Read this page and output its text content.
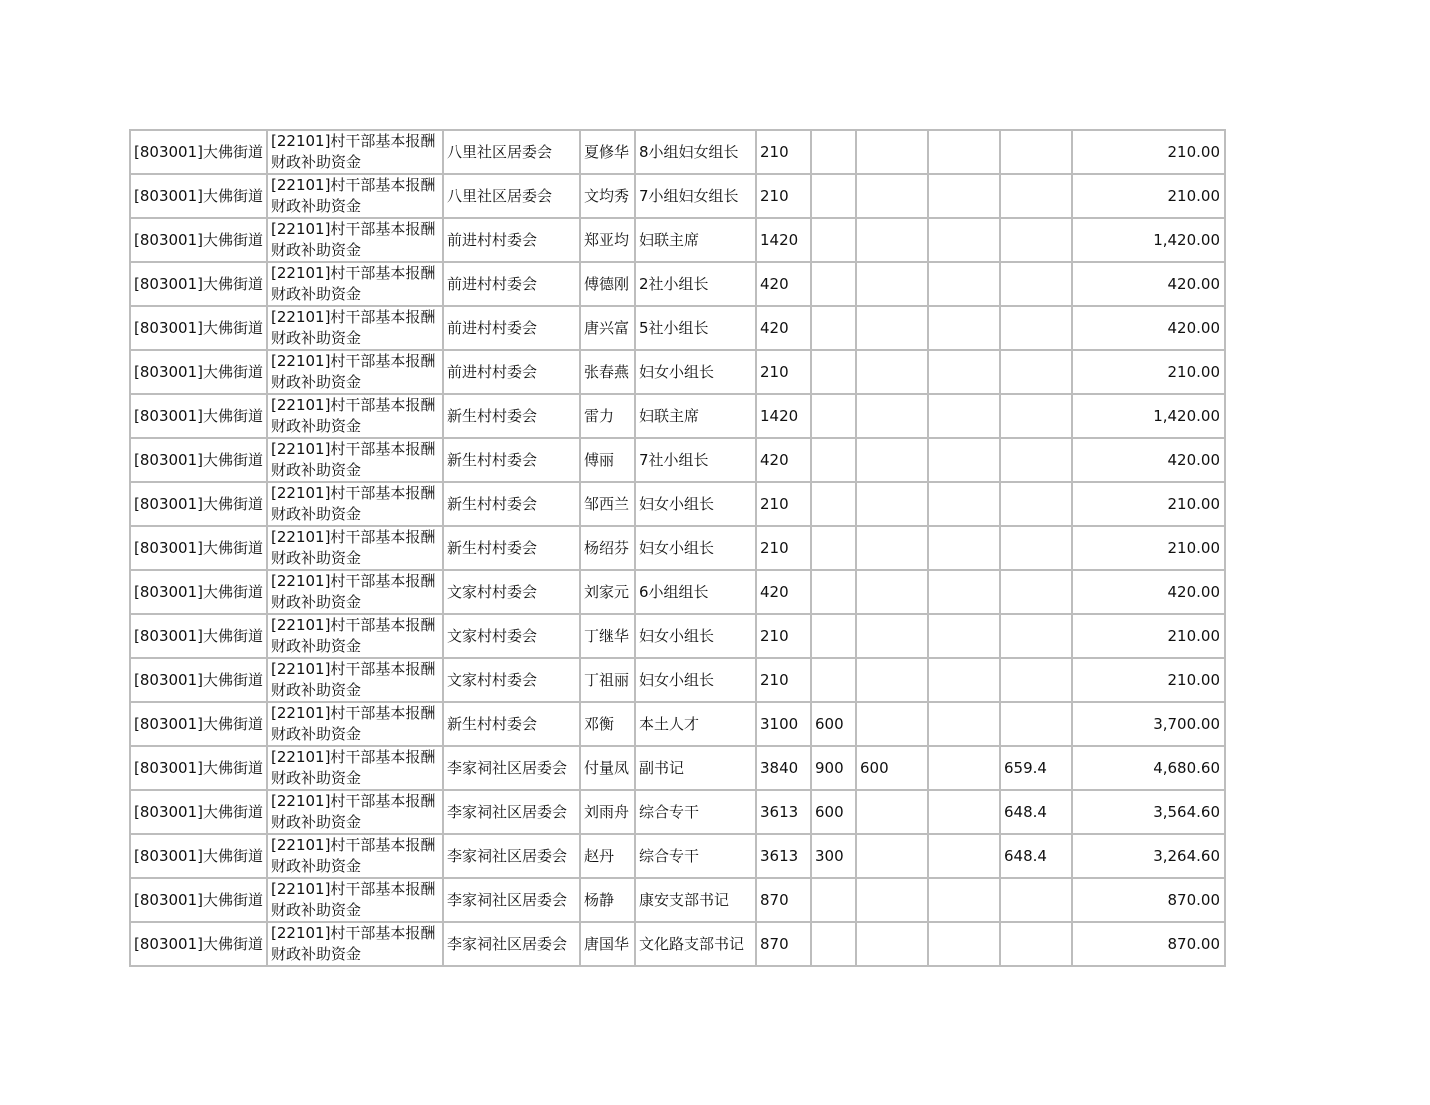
[803001]大佛街道	[22101]村干部基本报酬财政补助资金	八里社区居委会	夏修华	8小组妇女组长	210					210.00
[803001]大佛街道	[22101]村干部基本报酬财政补助资金	八里社区居委会	文均秀	7小组妇女组长	210					210.00
[803001]大佛街道	[22101]村干部基本报酬财政补助资金	前进村村委会	郑亚均	妇联主席	1420					1,420.00
[803001]大佛街道	[22101]村干部基本报酬财政补助资金	前进村村委会	傅德刚	2社小组长	420					420.00
[803001]大佛街道	[22101]村干部基本报酬财政补助资金	前进村村委会	唐兴富	5社小组长	420					420.00
[803001]大佛街道	[22101]村干部基本报酬财政补助资金	前进村村委会	张春燕	妇女小组长	210					210.00
[803001]大佛街道	[22101]村干部基本报酬财政补助资金	新生村村委会	雷力	妇联主席	1420					1,420.00
[803001]大佛街道	[22101]村干部基本报酬财政补助资金	新生村村委会	傅丽	7社小组长	420					420.00
[803001]大佛街道	[22101]村干部基本报酬财政补助资金	新生村村委会	邹西兰	妇女小组长	210					210.00
[803001]大佛街道	[22101]村干部基本报酬财政补助资金	新生村村委会	杨绍芬	妇女小组长	210					210.00
[803001]大佛街道	[22101]村干部基本报酬财政补助资金	文家村村委会	刘家元	6小组组长	420					420.00
[803001]大佛街道	[22101]村干部基本报酬财政补助资金	文家村村委会	丁继华	妇女小组长	210					210.00
[803001]大佛街道	[22101]村干部基本报酬财政补助资金	文家村村委会	丁祖丽	妇女小组长	210					210.00
[803001]大佛街道	[22101]村干部基本报酬财政补助资金	新生村村委会	邓衡	本土人才	3100	600				3,700.00
[803001]大佛街道	[22101]村干部基本报酬财政补助资金	李家祠社区居委会	付量凤	副书记	3840	900	600		659.4	4,680.60
[803001]大佛街道	[22101]村干部基本报酬财政补助资金	李家祠社区居委会	刘雨舟	综合专干	3613	600			648.4	3,564.60
[803001]大佛街道	[22101]村干部基本报酬财政补助资金	李家祠社区居委会	赵丹	综合专干	3613	300			648.4	3,264.60
[803001]大佛街道	[22101]村干部基本报酬财政补助资金	李家祠社区居委会	杨静	康安支部书记	870					870.00
[803001]大佛街道	[22101]村干部基本报酬财政补助资金	李家祠社区居委会	唐国华	文化路支部书记	870					870.00
